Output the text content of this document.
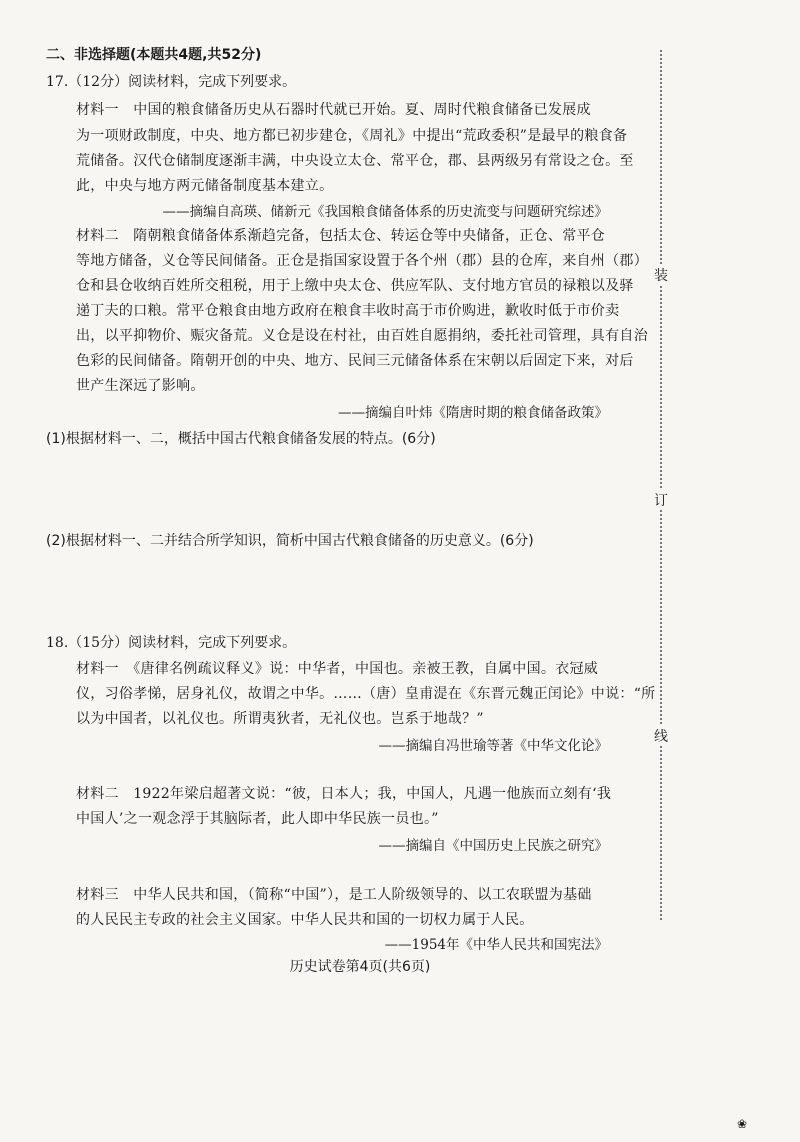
二、非选择题(本题共4题,共52分)
17.（12分）阅读材料，完成下列要求。
材料一　中国的粮食储备历史从石器时代就已开始。夏、周时代粮食储备已发展成
为一项财政制度，中央、地方都已初步建仓，《周礼》中提出“荒政委积”是最早的粮食备
荒储备。汉代仓储制度逐渐丰满，中央设立太仓、常平仓，郡、县两级另有常设之仓。至
此，中央与地方两元储备制度基本建立。
——摘编自高瑛、储新元《我国粮食储备体系的历史流变与问题研究综述》
材料二　隋朝粮食储备体系渐趋完备，包括太仓、转运仓等中央储备，正仓、常平仓
等地方储备，义仓等民间储备。正仓是指国家设置于各个州（郡）县的仓库，来自州（郡）
仓和县仓收纳百姓所交租税，用于上缴中央太仓、供应军队、支付地方官员的禄粮以及驿
递丁夫的口粮。常平仓粮食由地方政府在粮食丰收时高于市价购进，歉收时低于市价卖
出，以平抑物价、赈灾备荒。义仓是设在村社，由百姓自愿捐纳，委托社司管理，具有自治
色彩的民间储备。隋朝开创的中央、地方、民间三元储备体系在宋朝以后固定下来，对后
世产生深远了影响。
——摘编自叶炜《隋唐时期的粮食储备政策》
(1)根据材料一、二，概括中国古代粮食储备发展的特点。(6分)
(2)根据材料一、二并结合所学知识，简析中国古代粮食储备的历史意义。(6分)
18.（15分）阅读材料，完成下列要求。
材料一　《唐律名例疏议释义》说：中华者，中国也。亲被王教，自属中国。衣冠威
仪，习俗孝悌，居身礼仪，故谓之中华。……（唐）皇甫湜在《东晋元魏正闰论》中说：“所
以为中国者，以礼仪也。所谓夷狄者，无礼仪也。岂系于地哉？”
——摘编自冯世瑜等著《中华文化论》
材料二　1922年梁启超著文说：“彼，日本人；我，中国人，凡遇一他族而立刻有‘我
中国人’之一观念浮于其脑际者，此人即中华民族一员也。”
——摘编自《中国历史上民族之研究》
材料三　中华人民共和国，（简称“中国”），是工人阶级领导的、以工农联盟为基础
的人民民主专政的社会主义国家。中华人民共和国的一切权力属于人民。
——1954年《中华人民共和国宪法》
装
订
线
历史试卷第4页(共6页)
❀
